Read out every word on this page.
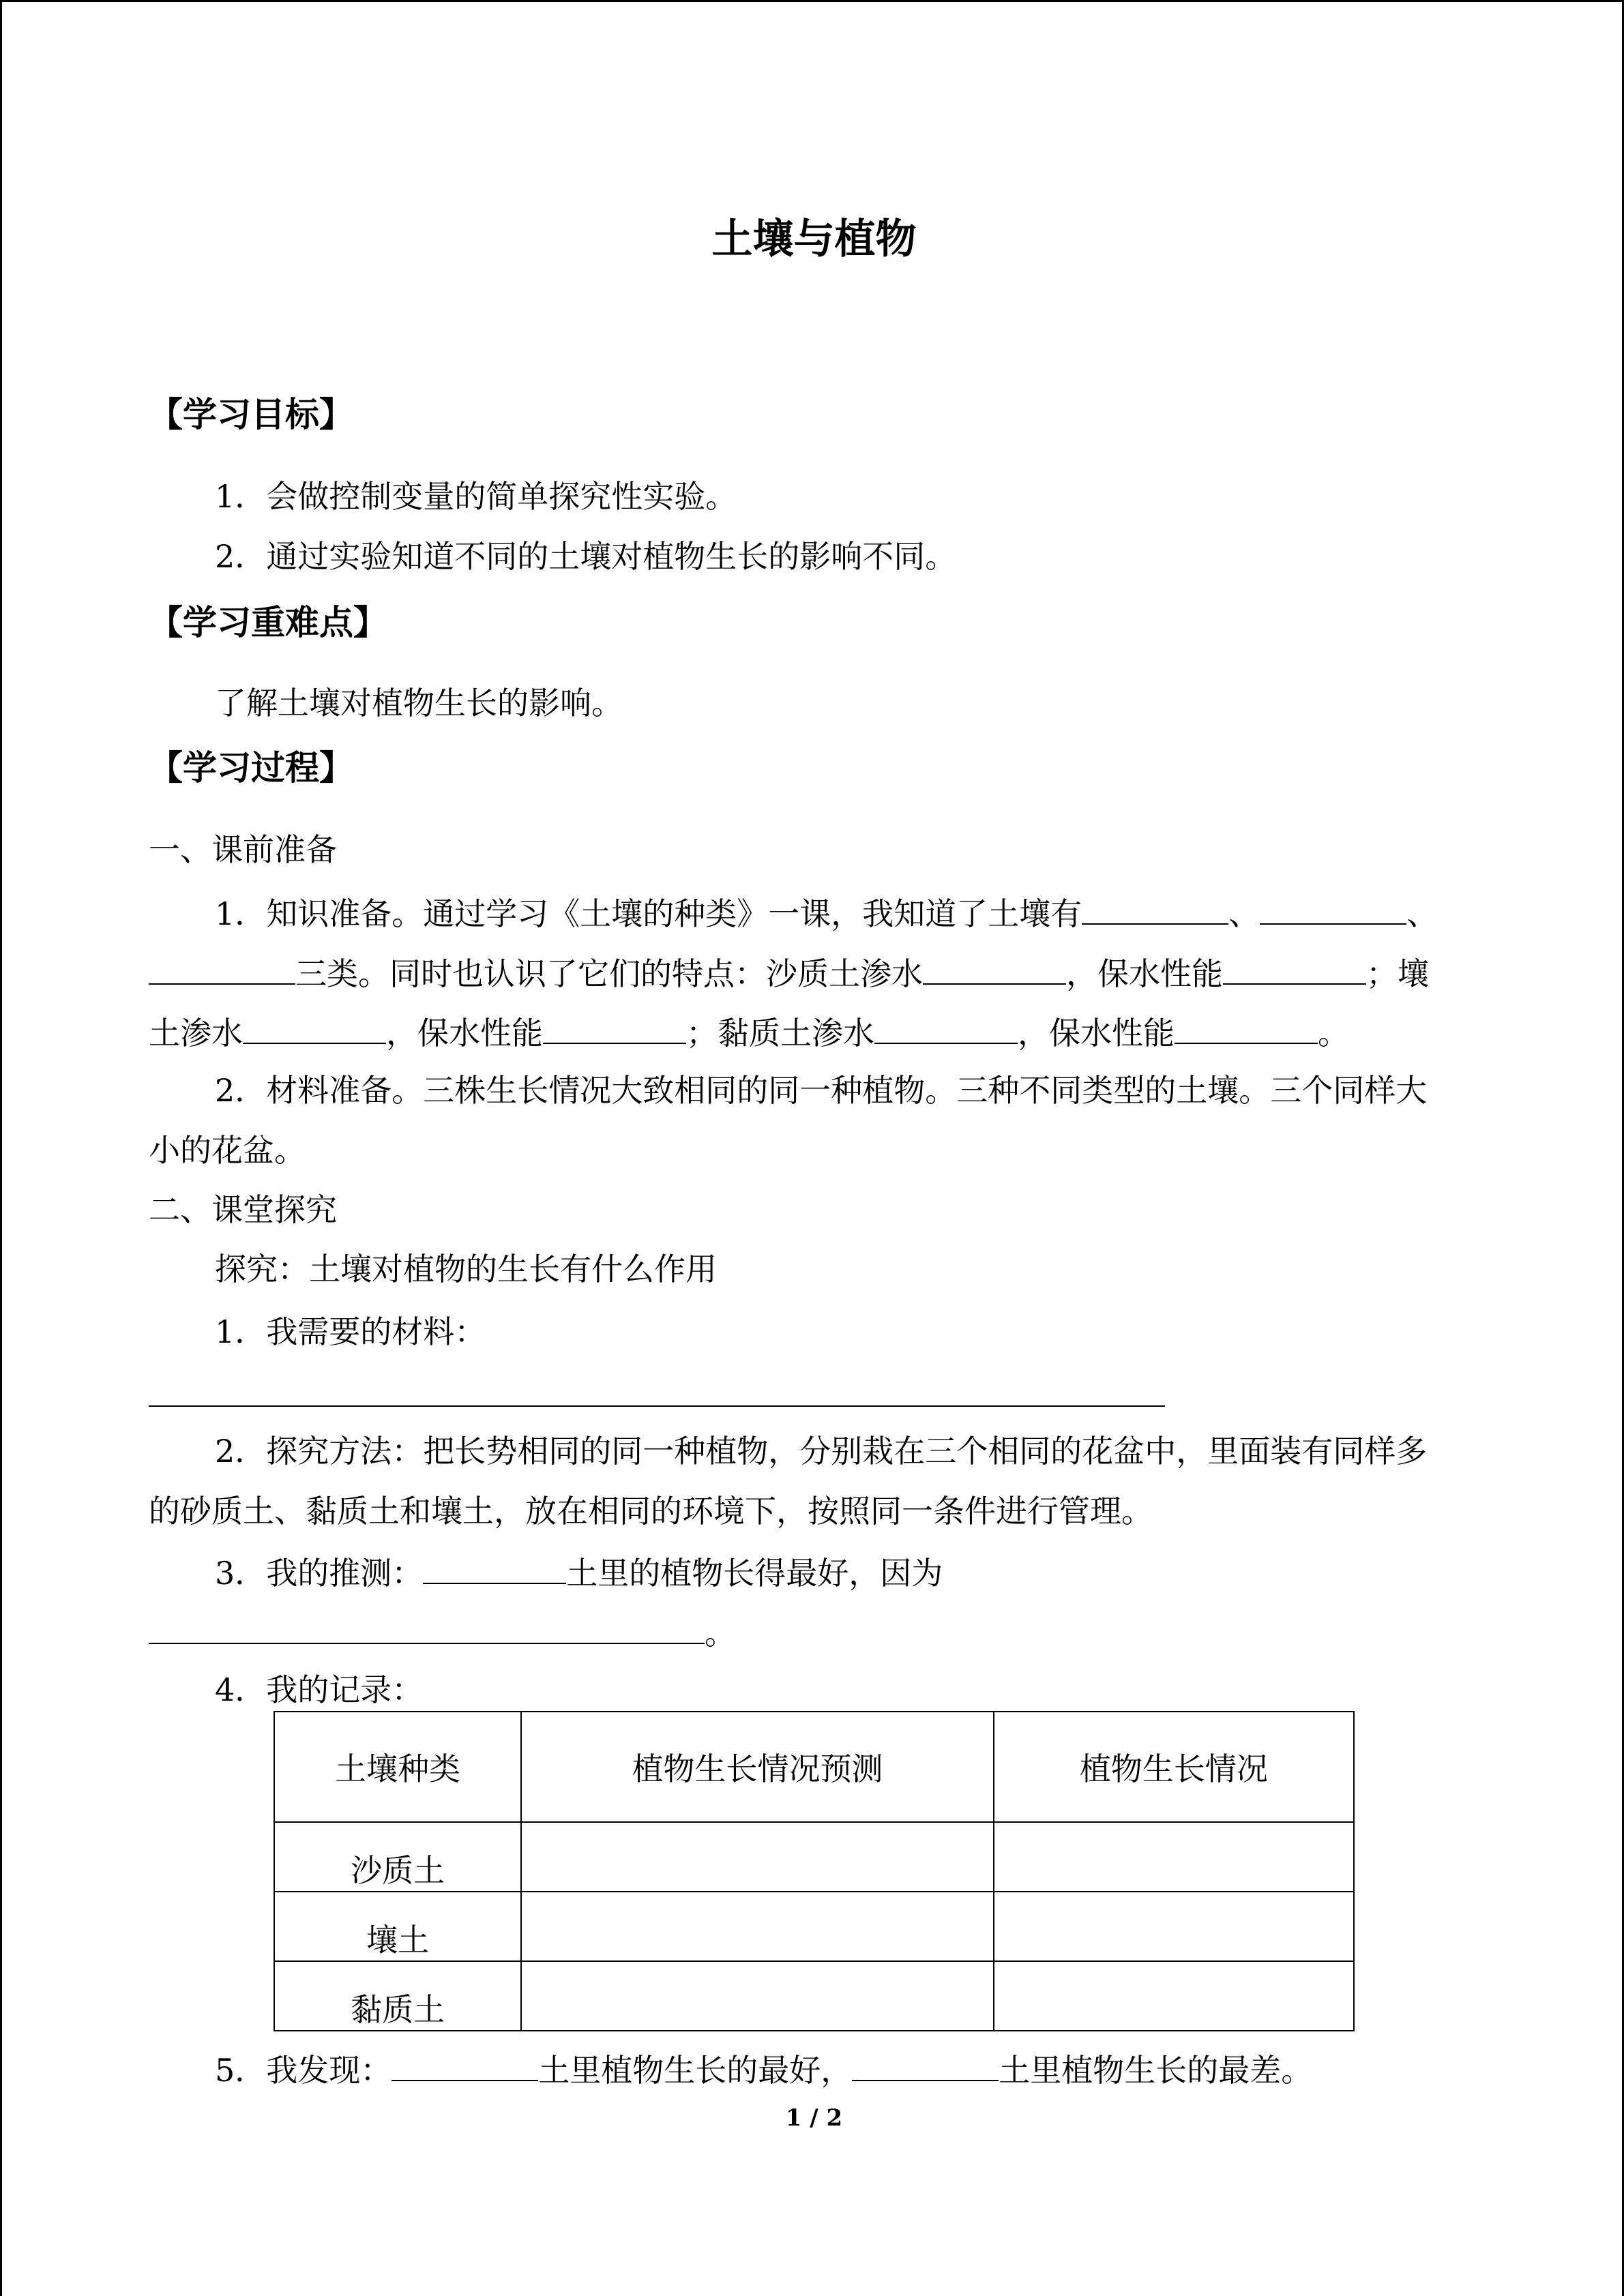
土壤与植物
【学习目标】
1．会做控制变量的简单探究性实验。
2．通过实验知道不同的土壤对植物生长的影响不同。
【学习重难点】
了解土壤对植物生长的影响。
【学习过程】
一、课前准备
1．知识准备。通过学习《土壤的种类》一课，我知道了土壤有	、	、
三类。同时也认识了它们的特点：沙质土渗水	，保水性能	；壤
土渗水	，保水性能	；黏质土渗水	，保水性能	。
2．材料准备。三株生长情况大致相同的同一种植物。三种不同类型的土壤。三个同样大
小的花盆。
二、课堂探究
探究：土壤对植物的生长有什么作用
1．我需要的材料：
2．探究方法：把长势相同的同一种植物，分别栽在三个相同的花盆中，里面装有同样多
的砂质土、黏质土和壤土，放在相同的环境下，按照同一条件进行管理。
3．我的推测：	土里的植物长得最好，因为
。
4．我的记录：
土壤种类	植物生长情况预测	植物生长情况
沙质土		
壤土		
黏质土		
5．我发现：	土里植物生长的最好，	土里植物生长的最差。
1 / 2
